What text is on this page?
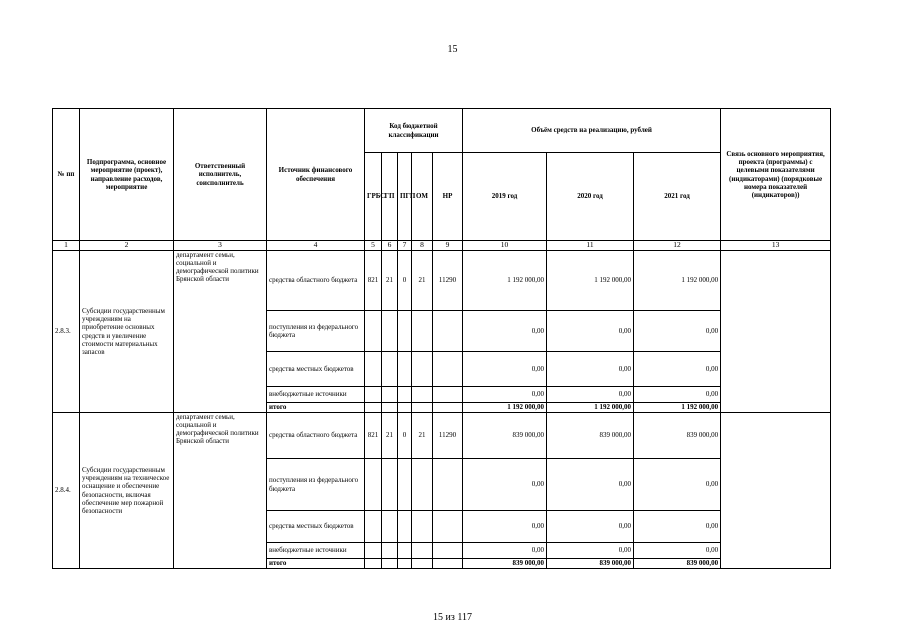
15
№ пп	Подпрограмма, основное мероприятие (проект), направление расходов, мероприятие	Ответственный исполнитель, соисполнитель	Источник финансового обеспечения	Код бюджетной классификации					Объём средств на реализацию, рублей			Связь основного мероприятия, проекта (программы) с целевыми показателями (индикаторами) (порядковые номера показателей (индикаторов))
				ГРБС	ГП	ПГП	ОМ	НР	2019 год	2020 год	2021 год	
1	2	3	4	5	6	7	8	9	10	11	12	13
2.8.3.	Субсидии государственным учреждениям на приобретение основных средств и увеличение стоимости материальных запасов	департамент семьи, социальной и демографической политики Брянской области	средства областного бюджета	821	21	0	21	11290	1 192 000,00	1 192 000,00	1 192 000,00	
			поступления из федерального бюджета						0,00	0,00	0,00	
			средства местных бюджетов						0,00	0,00	0,00	
			внебюджетные источники						0,00	0,00	0,00	
			итого						1 192 000,00	1 192 000,00	1 192 000,00	
2.8.4.	Субсидии государственным учреждениям на техническое оснащение и обеспечение безопасности, включая обеспечение мер пожарной безопасности	департамент семьи, социальной и демографической политики Брянской области	средства областного бюджета	821	21	0	21	11290	839 000,00	839 000,00	839 000,00	
			поступления из федерального бюджета						0,00	0,00	0,00	
			средства местных бюджетов						0,00	0,00	0,00	
			внебюджетные источники						0,00	0,00	0,00	
			итого						839 000,00	839 000,00	839 000,00	
15 из 117
